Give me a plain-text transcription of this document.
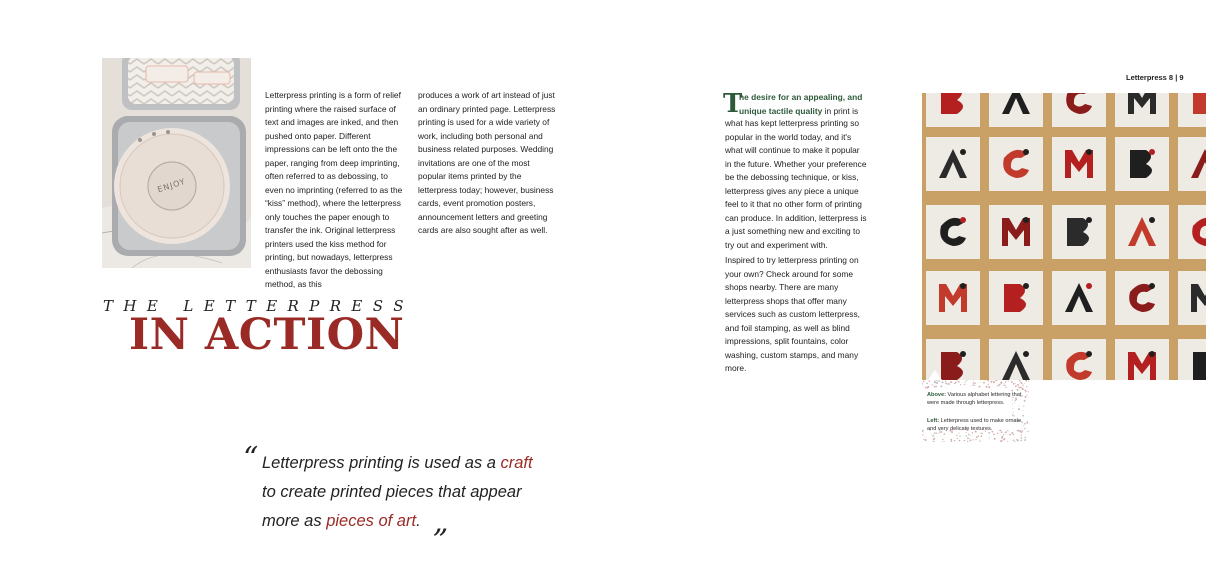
ENJOY

Letterpress printing is a form of relief printing where the raised surface of text and images are inked, and then pushed onto paper. Different impressions can be left onto the the paper, ranging from deep imprinting, often referred to as debossing, to even no imprinting (referred to as the “kiss” method), where the letterpress only touches the paper enough to transfer the ink. Original letterpress printers used the kiss method for printing, but nowadays, letterpress enthusiasts favor the debossing method, as this

produces a work of art instead of just an ordinary printed page. Letterpress printing is used for a wide variety of work, including both personal and business related purposes. Wedding invitations are one of the most popular items printed by the letterpress today; however, business cards, event promotion posters, announcement letters and greeting cards are also sought after as well.

THE LETTERPRESS
IN ACTION
“ Letterpress printing is used as a craft
to create printed pieces that appear
more as pieces of art. „
Letterpress 8 | 9
T

he desire for an appealing, and unique tactile quality in print is

what has kept letterpress printing so popular in the world today, and it's what will continue to make it popular in the future. Whether your preference be the debossing technique, or kiss, letterpress gives any piece a unique feel to it that no other form of printing can produce. In addition, letterpress is a just something new and exciting to try out and experiment with.

Inspired to try letterpress printing on your own? Check around for some shops nearby. There are many letterpress shops that offer many services such as custom letterpress, and foil stamping, as well as blind impressions, split fountains, color washing, custom stamps, and many more.

Above: Various alphabet lettering that were made through letterpress.

Left: Letterpress used to make ornate, and very delicate textures.
